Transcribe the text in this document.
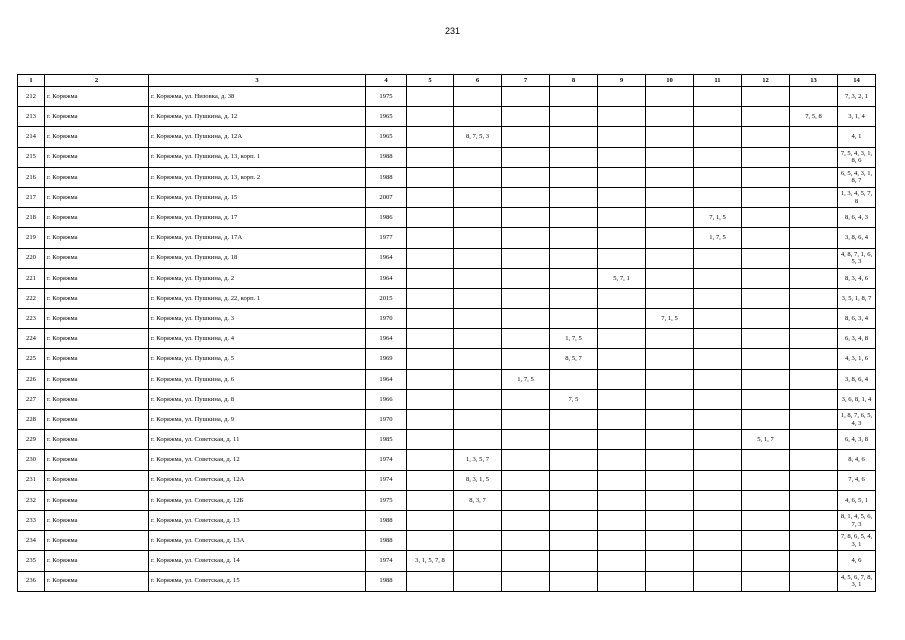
231
1	2	3	4	5	6	7	8	9	10	11	12	13	14
212	г. Коряжма	г. Коряжма, ул. Низовка, д. 38	1975										7, 3, 2, 1
213	г. Коряжма	г. Коряжма, ул. Пушкина, д. 12	1965									7, 5, 8	3, 1, 4
214	г. Коряжма	г. Коряжма, ул. Пушкина, д. 12А	1965		8, 7, 5, 3								4, 1
215	г. Коряжма	г. Коряжма, ул. Пушкина, д. 13, корп. 1	1988										7, 5, 4, 3, 1, 8, 6
216	г. Коряжма	г. Коряжма, ул. Пушкина, д. 13, корп. 2	1988										6, 5, 4, 3, 1, 8, 7
217	г. Коряжма	г. Коряжма, ул. Пушкина, д. 15	2007										1, 3, 4, 5, 7, 8
218	г. Коряжма	г. Коряжма, ул. Пушкина, д. 17	1986							7, 1, 5			8, 6, 4, 3
219	г. Коряжма	г. Коряжма, ул. Пушкина, д. 17А	1977							1, 7, 5			3, 8, 6, 4
220	г. Коряжма	г. Коряжма, ул. Пушкина, д. 18	1964										4, 8, 7, 1, 6, 5, 3
221	г. Коряжма	г. Коряжма, ул. Пушкина, д. 2	1964					5, 7, 1					8, 3, 4, 6
222	г. Коряжма	г. Коряжма, ул. Пушкина, д. 22, корп. 1	2015										3, 5, 1, 8, 7
223	г. Коряжма	г. Коряжма, ул. Пушкина, д. 3	1970						7, 1, 5				8, 6, 3, 4
224	г. Коряжма	г. Коряжма, ул. Пушкина, д. 4	1964				1, 7, 5						6, 3, 4, 8
225	г. Коряжма	г. Коряжма, ул. Пушкина, д. 5	1969				8, 5, 7						4, 3, 1, 6
226	г. Коряжма	г. Коряжма, ул. Пушкина, д. 6	1964			1, 7, 5							3, 8, 6, 4
227	г. Коряжма	г. Коряжма, ул. Пушкина, д. 8	1966				7, 5						3, 6, 8, 1, 4
228	г. Коряжма	г. Коряжма, ул. Пушкина, д. 9	1970										1, 8, 7, 6, 5, 4, 3
229	г. Коряжма	г. Коряжма, ул. Советская, д. 11	1985								5, 1, 7		6, 4, 3, 8
230	г. Коряжма	г. Коряжма, ул. Советская, д. 12	1974		1, 3, 5, 7								8, 4, 6
231	г. Коряжма	г. Коряжма, ул. Советская, д. 12А	1974		8, 3, 1, 5								7, 4, 6
232	г. Коряжма	г. Коряжма, ул. Советская, д. 12Б	1975		8, 3, 7								4, 6, 5, 1
233	г. Коряжма	г. Коряжма, ул. Советская, д. 13	1988										8, 1, 4, 5, 6, 7, 3
234	г. Коряжма	г. Коряжма, ул. Советская, д. 13А	1988										7, 8, 6, 5, 4, 3, 1
235	г. Коряжма	г. Коряжма, ул. Советская, д. 14	1974	3, 1, 5, 7, 8									4, 6
236	г. Коряжма	г. Коряжма, ул. Советская, д. 15	1988										4, 5, 6, 7, 8, 3, 1
